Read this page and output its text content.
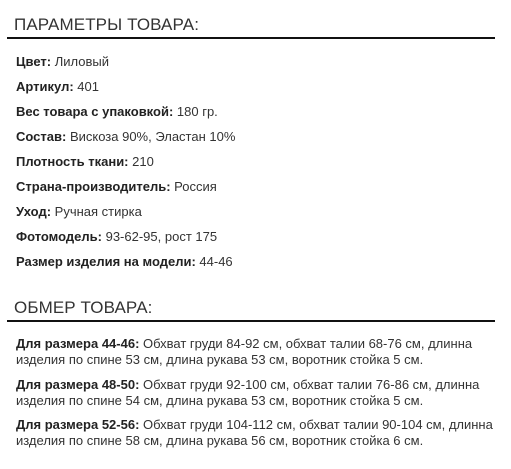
ПАРАМЕТРЫ ТОВАРА:
Цвет: Лиловый
Артикул: 401
Вес товара с упаковкой: 180 гр.
Состав: Вискоза 90%, Эластан 10%
Плотность ткани: 210
Страна-производитель: Россия
Уход: Ручная стирка
Фотомодель: 93-62-95, рост 175
Размер изделия на модели: 44-46
ОБМЕР ТОВАРА:
Для размера 44-46: Обхват груди 84-92 см, обхват талии 68-76 см, длинна изделия по спине 53 см, длина рукава 53 см, воротник стойка 5 см.
Для размера 48-50: Обхват груди 92-100 см, обхват талии 76-86 см, длинна изделия по спине 54 см, длина рукава 53 см, воротник стойка 5 см.
Для размера 52-56: Обхват груди 104-112 см, обхват талии 90-104 см, длинна изделия по спине 58 см, длина рукава 56 см, воротник стойка 6 см.
